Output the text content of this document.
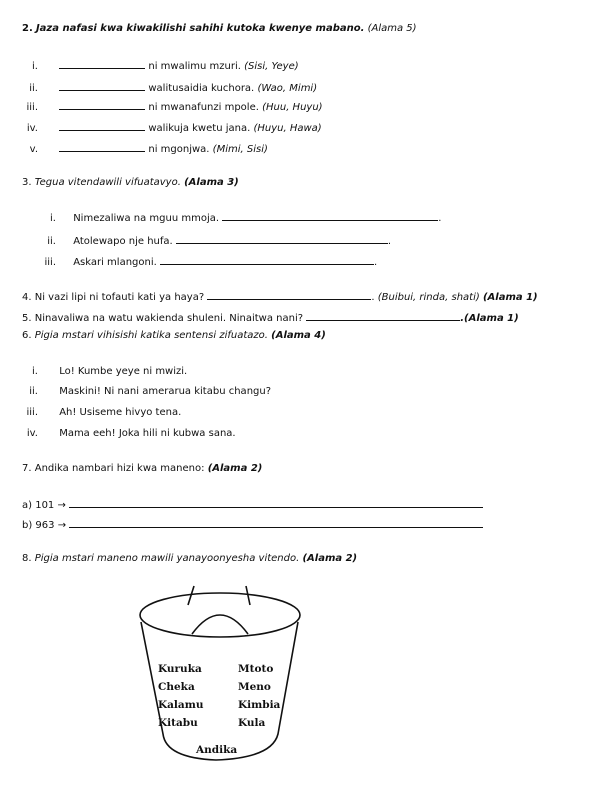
2. Jaza nafasi kwa kiwakilishi sahihi kutoka kwenye mabano. (Alama 5)
i.	ni mwalimu mzuri. (Sisi, Yeye)
ii.	walitusaidia kuchora. (Wao, Mimi)
iii.	ni mwanafunzi mpole. (Huu, Huyu)
iv.	walikuja kwetu jana. (Huyu, Hawa)
v.	ni mgonjwa. (Mimi, Sisi)
3. Tegua vitendawili vifuatavyo. (Alama 3)
i. Nimezaliwa na mguu mmoja.	.
ii. Atolewapo nje hufa.	.
iii. Askari mlangoni.	.
4. Ni vazi lipi ni tofauti kati ya haya?	. (Buibui, rinda, shati) (Alama 1)
5. Ninavaliwa na watu wakienda shuleni. Ninaitwa nani?	.(Alama 1)
6. Pigia mstari vihisishi katika sentensi zifuatazo. (Alama 4)
i. Lo! Kumbe yeye ni mwizi.
ii. Maskini! Ni nani amerarua kitabu changu?
iii. Ah! Usiseme hivyo tena.
iv. Mama eeh! Joka hili ni kubwa sana.
7. Andika nambari hizi kwa maneno: (Alama 2)
a) 101 →
b) 963 →
8. Pigia mstari maneno mawili yanayoonyesha vitendo. (Alama 2)
Kuruka	Mtoto
Cheka	Meno
Kalamu	Kimbia
Kitabu	Kula
Andika
